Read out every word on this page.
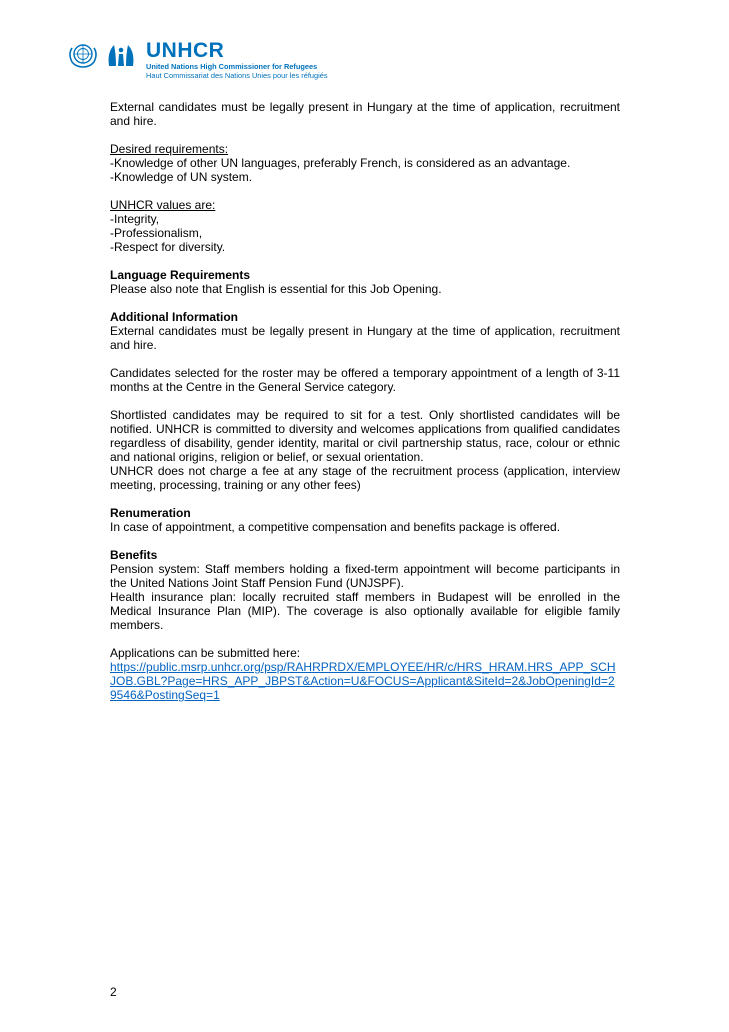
UNHCR
United Nations High Commissioner for Refugees
Haut Commissariat des Nations Unies pour les réfugiés

External candidates must be legally present in Hungary at the time of application, recruitment and hire.

Desired requirements:
-Knowledge of other UN languages, preferably French, is considered as an advantage.

-Knowledge of UN system.

UNHCR values are:
-Integrity,
-Professionalism,

-Respect for diversity.

Language Requirements

Please also note that English is essential for this Job Opening.

Additional Information

External candidates must be legally present in Hungary at the time of application, recruitment and hire.

Candidates selected for the roster may be offered a temporary appointment of a length of 3-11 months at the Centre in the General Service category.

Shortlisted candidates may be required to sit for a test. Only shortlisted candidates will be notified. UNHCR is committed to diversity and welcomes applications from qualified candidates regardless of disability, gender identity, marital or civil partnership status, race, colour or ethnic and national origins, religion or belief, or sexual orientation.

UNHCR does not charge a fee at any stage of the recruitment process (application, interview meeting, processing, training or any other fees)

Renumeration

In case of appointment, a competitive compensation and benefits package is offered.

Benefits

Pension system: Staff members holding a fixed-term appointment will become participants in the United Nations Joint Staff Pension Fund (UNJSPF).

Health insurance plan: locally recruited staff members in Budapest will be enrolled in the Medical Insurance Plan (MIP). The coverage is also optionally available for eligible family members.

Applications can be submitted here:
https://public.msrp.unhcr.org/psp/RAHRPRDX/EMPLOYEE/HR/c/HRS_HRAM.HRS_APP_SCHJOB.GBL?Page=HRS_APP_JBPST&Action=U&FOCUS=Applicant&SiteId=2&JobOpeningId=29546&PostingSeq=1
2
